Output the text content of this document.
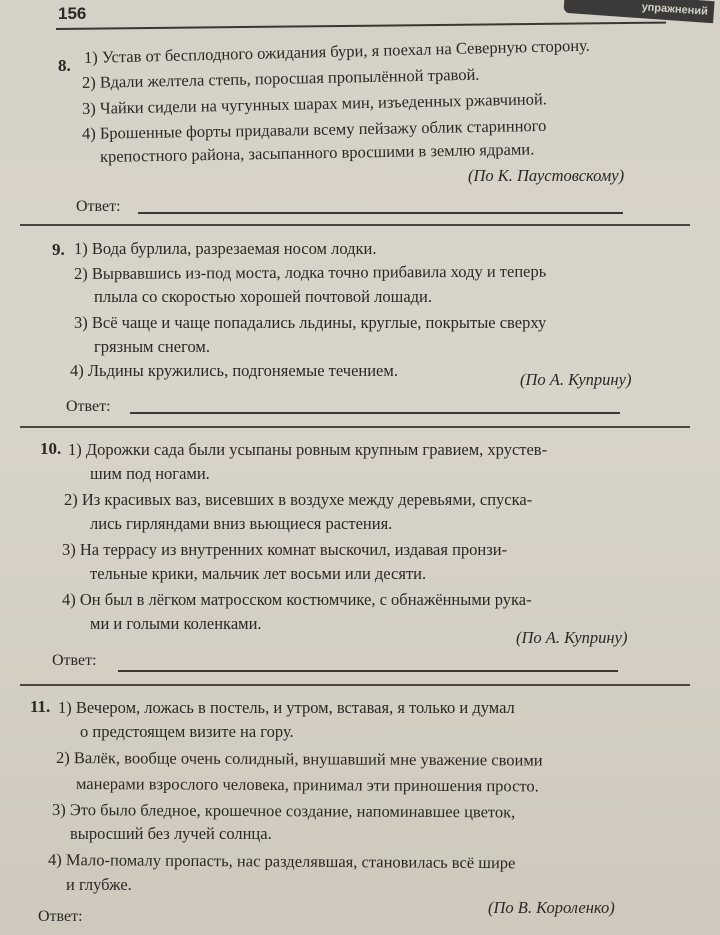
упражнений
156
8. 1) Устав от бесплодного ожидания бури, я поехал на Северную сторону.
2) Вдали желтела степь, поросшая пропылённой травой.
3) Чайки сидели на чугунных шарах мин, изъеденных ржавчиной.
4) Брошенные форты придавали всему пейзажу облик старинного
крепостного района, засыпанного вросшими в землю ядрами.
(По К. Паустовскому)
Ответ:
9. 1) Вода бурлила, разрезаемая носом лодки.
2) Вырвавшись из-под моста, лодка точно прибавила ходу и теперь
плыла со скоростью хорошей почтовой лошади.
3) Всё чаще и чаще попадались льдины, круглые, покрытые сверху
грязным снегом.
4) Льдины кружились, подгоняемые течением.	(По А. Куприну)
Ответ:
10. 1) Дорожки сада были усыпаны ровным крупным гравием, хрустев-
шим под ногами.
2) Из красивых ваз, висевших в воздухе между деревьями, спуска-
лись гирляндами вниз вьющиеся растения.
3) На террасу из внутренних комнат выскочил, издавая пронзи-
тельные крики, мальчик лет восьми или десяти.
4) Он был в лёгком матросском костюмчике, с обнажёнными рука-
ми и голыми коленками.
(По А. Куприну)
Ответ:
11. 1) Вечером, ложась в постель, и утром, вставая, я только и думал
о предстоящем визите на гору.
2) Валёк, вообще очень солидный, внушавший мне уважение своими
манерами взрослого человека, принимал эти приношения просто.
3) Это было бледное, крошечное создание, напоминавшее цветок,
выросший без лучей солнца.
4) Мало-помалу пропасть, нас разделявшая, становилась всё шире
и глубже.
(По В. Короленко)
Ответ:
